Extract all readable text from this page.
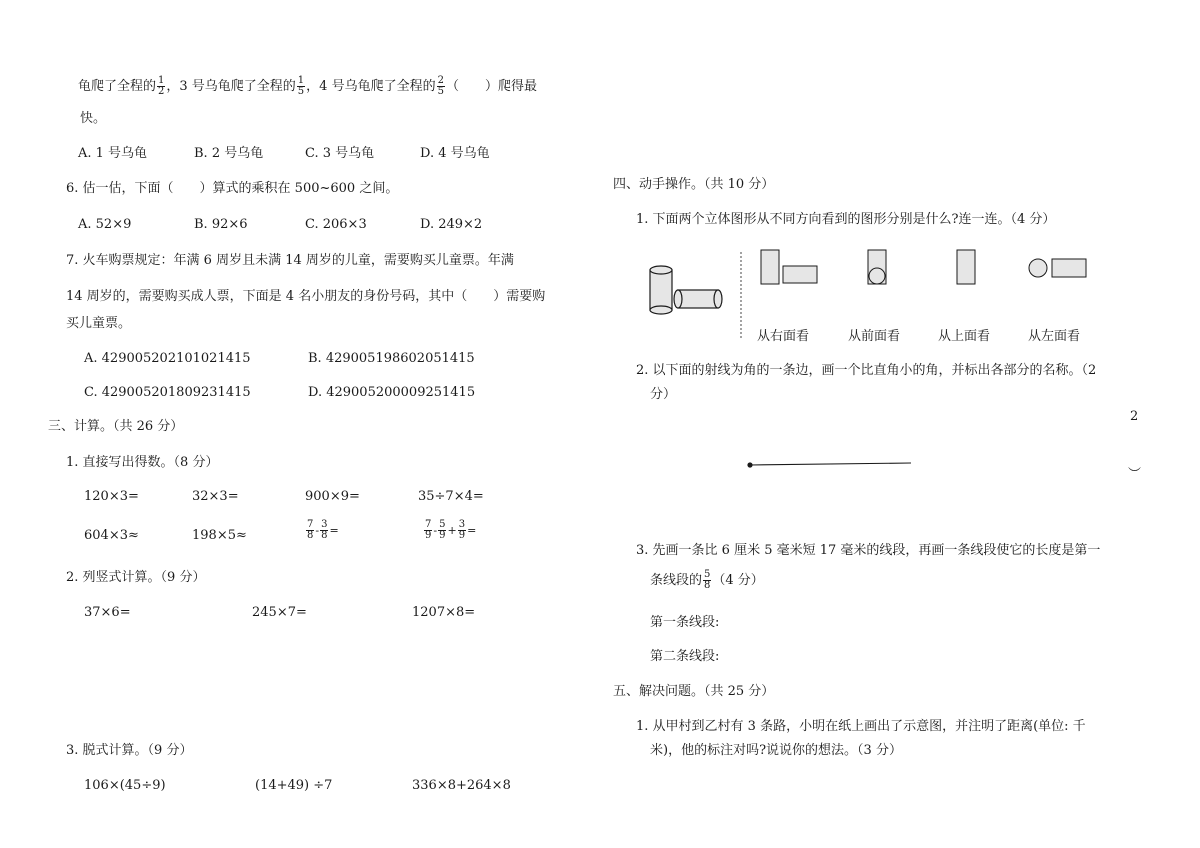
龟爬了全程的 $\frac{1}{2}$ ，3 号乌龟爬了全程的 $\frac{1}{5}$ ，4 号乌龟爬了全程的 $\frac{2}{5}$ （　　）爬得最
快。
A. 1 号乌龟	B. 2 号乌龟	C. 3 号乌龟	D. 4 号乌龟
6. 估一估，下面（　　）算式的乘积在 500~600 之间。
A. 52×9	B. 92×6	C. 206×3	D. 249×2
7. 火车购票规定：年满 6 周岁且未满 14 周岁的儿童，需要购买儿童票。年满
14 周岁的，需要购买成人票，下面是 4 名小朋友的身份号码，其中（　　）需要购
买儿童票。
A. 429005202101021415	B. 429005198602051415
C. 429005201809231415	D. 429005200009251415
三、计算。（共 26 分）
1. 直接写出得数。（8 分）
120×3=	32×3=	900×9=	35÷7×4=
604×3≈	198×5≈	$\frac{7}{8} - \frac{3}{8}$ =	$\frac{7}{9} - \frac{5}{9} + \frac{3}{9}$ =
2. 列竖式计算。（9 分）
37×6=	245×7=	1207×8=
3. 脱式计算。（9 分）
106×(45÷9)	(14+49) ÷7	336×8+264×8
四、动手操作。（共 10 分）
1. 下面两个立体图形从不同方向看到的图形分别是什么?连一连。（4 分）
从右面看	从前面看	从上面看	从左面看
2. 以下面的射线为角的一条边，画一个比直角小的角，并标出各部分的名称。（2
分）
2
︶
3. 先画一条比 6 厘米 5 毫米短 17 毫米的线段，再画一条线段使它的长度是第一
条线段的 $\frac{5}{8} (4$ 分）
第一条线段:
第二条线段:
五、解决问题。（共 25 分）
1. 从甲村到乙村有 3 条路，小明在纸上画出了示意图，并注明了距离(单位: 千
米)，他的标注对吗?说说你的想法。（3 分）
